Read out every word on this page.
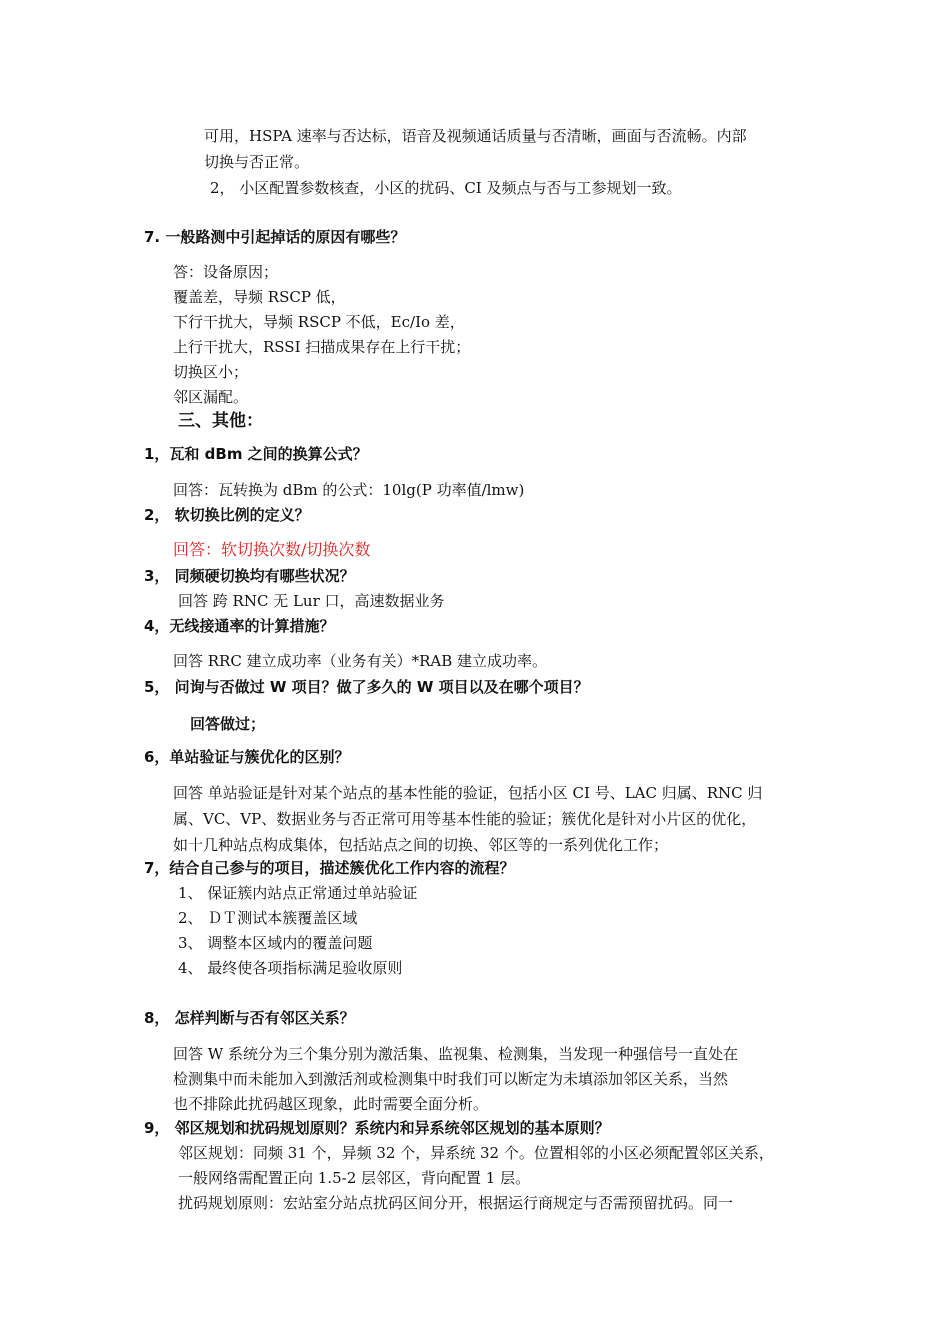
可用，HSPA 速率与否达标，语音及视频通话质量与否清晰，画面与否流畅。内部
切换与否正常。
2， 小区配置参数核查，小区的扰码、CI 及频点与否与工参规划一致。
7. 一般路测中引起掉话的原因有哪些？
答：设备原因；
覆盖差，导频 RSCP 低，
下行干扰大，导频 RSCP 不低，Ec/Io 差，
上行干扰大，RSSI 扫描成果存在上行干扰；
切换区小；
邻区漏配。
三、其他：
1，瓦和 dBm 之间的换算公式？
回答：瓦转换为 dBm 的公式：10lg(P 功率值/lmw)
2， 软切换比例的定义？
回答：软切换次数/切换次数
3， 同频硬切换均有哪些状况？
回答 跨 RNC 无 Lur 口，高速数据业务
4，无线接通率的计算措施？
回答 RRC 建立成功率（业务有关）*RAB 建立成功率。
5， 问询与否做过 W 项目？做了多久的 W 项目以及在哪个项目？
回答做过；
6，单站验证与簇优化的区别？
回答 单站验证是针对某个站点的基本性能的验证，包括小区 CI 号、LAC 归属、RNC 归
属、VC、VP、数据业务与否正常可用等基本性能的验证；簇优化是针对小片区的优化，
如十几种站点构成集体，包括站点之间的切换、邻区等的一系列优化工作；
7，结合自己参与的项目，描述簇优化工作内容的流程？
1、 保证簇内站点正常通过单站验证
2、 ＤＴ测试本簇覆盖区域
3、 调整本区域内的覆盖问题
4、 最终使各项指标满足验收原则
8， 怎样判断与否有邻区关系？
回答 W 系统分为三个集分别为激活集、监视集、检测集，当发现一种强信号一直处在
检测集中而未能加入到激活剂或检测集中时我们可以断定为未填添加邻区关系，当然
也不排除此扰码越区现象，此时需要全面分析。
9， 邻区规划和扰码规划原则？系统内和异系统邻区规划的基本原则？
邻区规划：同频 31 个，异频 32 个，异系统 32 个。位置相邻的小区必须配置邻区关系，
一般网络需配置正向 1.5-2 层邻区，背向配置 1 层。
扰码规划原则：宏站室分站点扰码区间分开，根据运行商规定与否需预留扰码。同一
